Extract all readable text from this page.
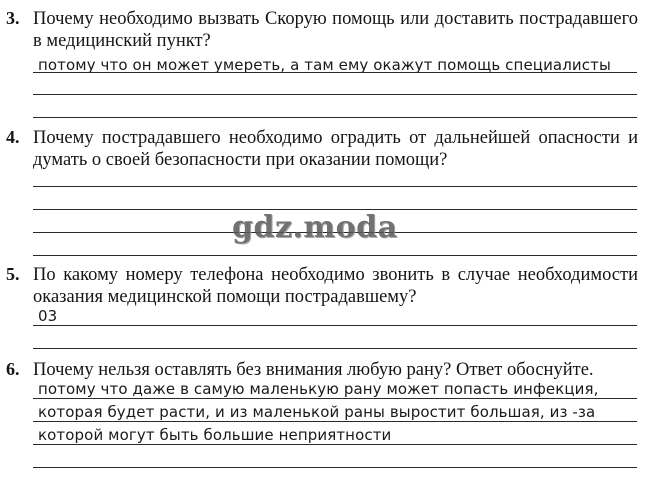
3. Почему необходимо вызвать Скорую помощь или доставить пострадавшего в медицинский пункт?
потому что он может умереть, а там ему окажут помощь специалисты
4. Почему пострадавшего необходимо оградить от дальнейшей опасности и думать о своей безопасности при оказании помощи?
gdz.moda
5. По какому номеру телефона необходимо звонить в случае необходимости оказания медицинской помощи пострадавшему?
03
6. Почему нельзя оставлять без внимания любую рану? Ответ обоснуйте.
потому что даже в самую маленькую рану может попасть инфекция,
которая будет расти, и из маленькой раны выростит большая, из -за
которой могут быть большие неприятности
